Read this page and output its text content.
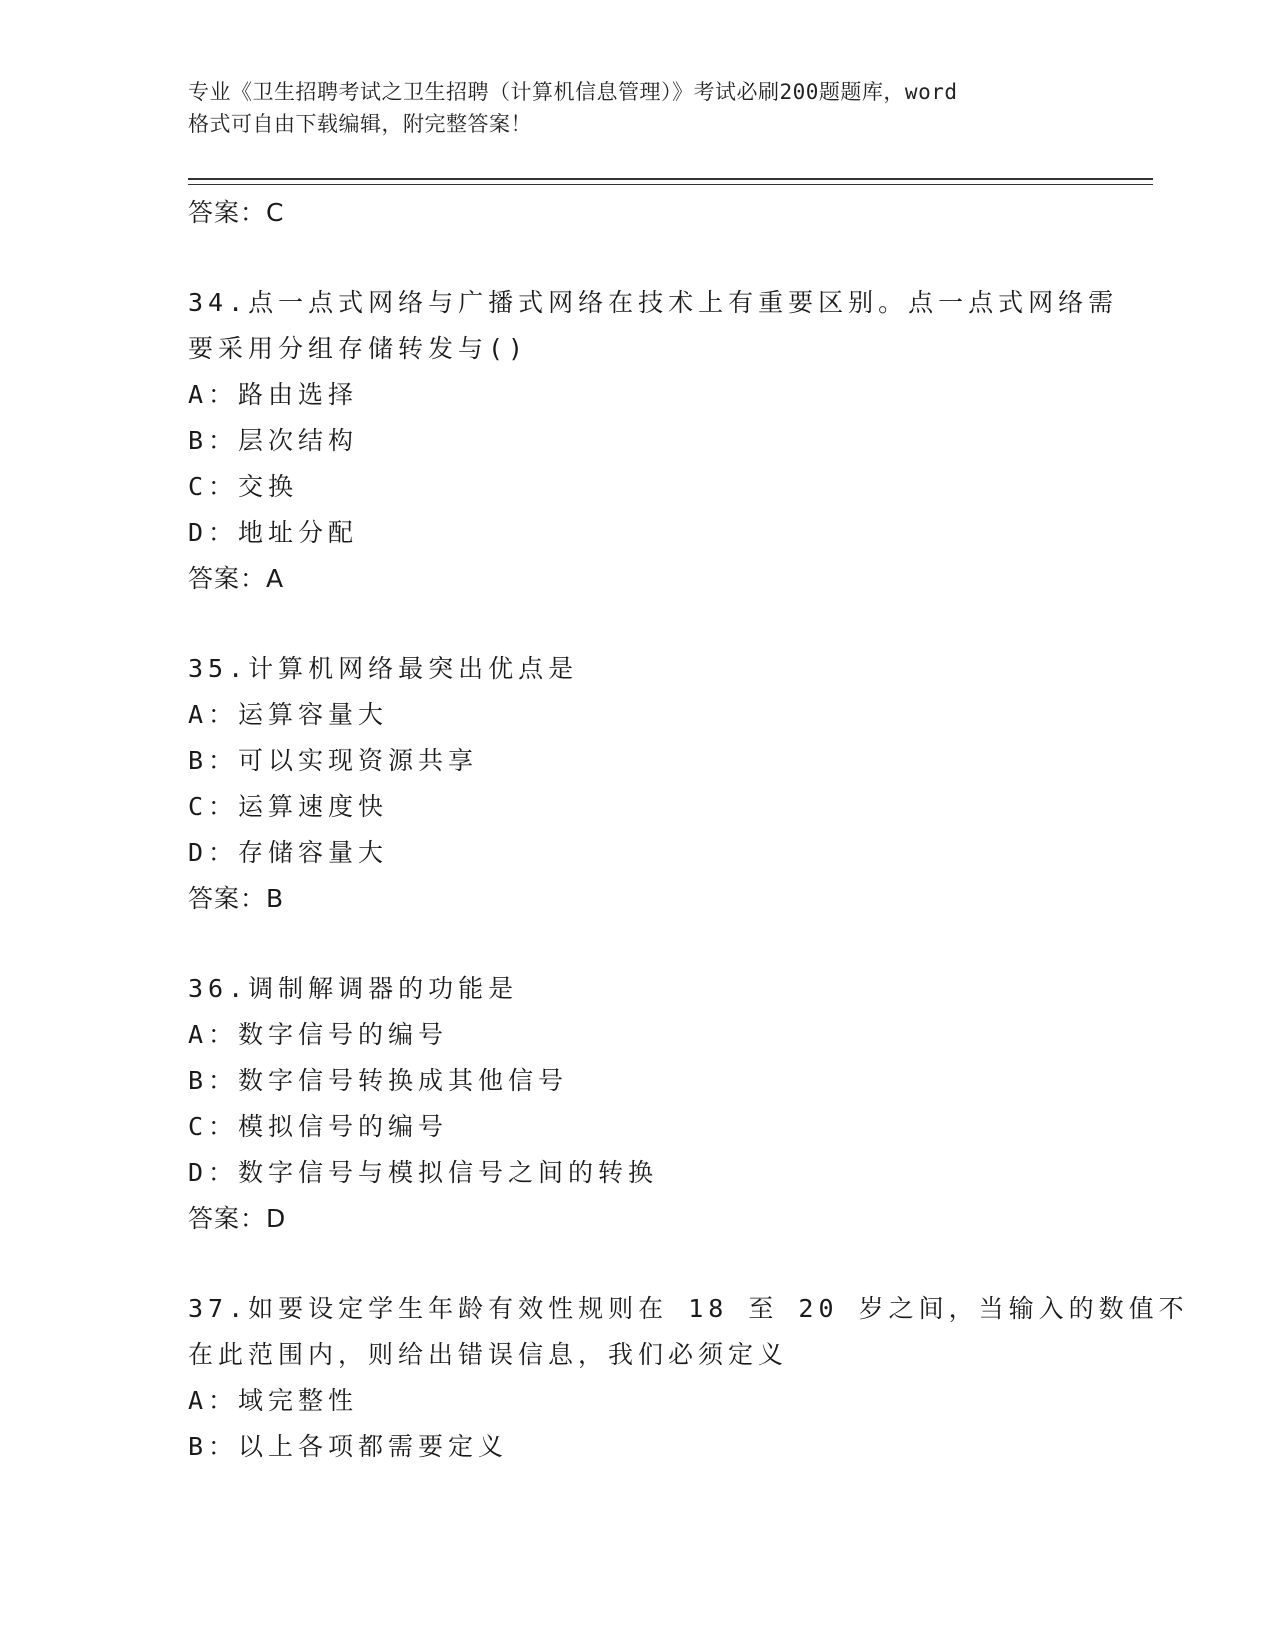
专业《卫生招聘考试之卫生招聘（计算机信息管理）》考试必刷200题题库，word
格式可自由下载编辑，附完整答案！
答案：C
34.点一点式网络与广播式网络在技术上有重要区别。点一点式网络需
要采用分组存储转发与()
A：路由选择
B：层次结构
C：交换
D：地址分配
答案：A
35.计算机网络最突出优点是
A：运算容量大
B：可以实现资源共享
C：运算速度快
D：存储容量大
答案：B
36.调制解调器的功能是
A：数字信号的编号
B：数字信号转换成其他信号
C：模拟信号的编号
D：数字信号与模拟信号之间的转换
答案：D
37.如要设定学生年龄有效性规则在 18 至 20 岁之间，当输入的数值不
在此范围内，则给出错误信息，我们必须定义
A：域完整性
B：以上各项都需要定义
